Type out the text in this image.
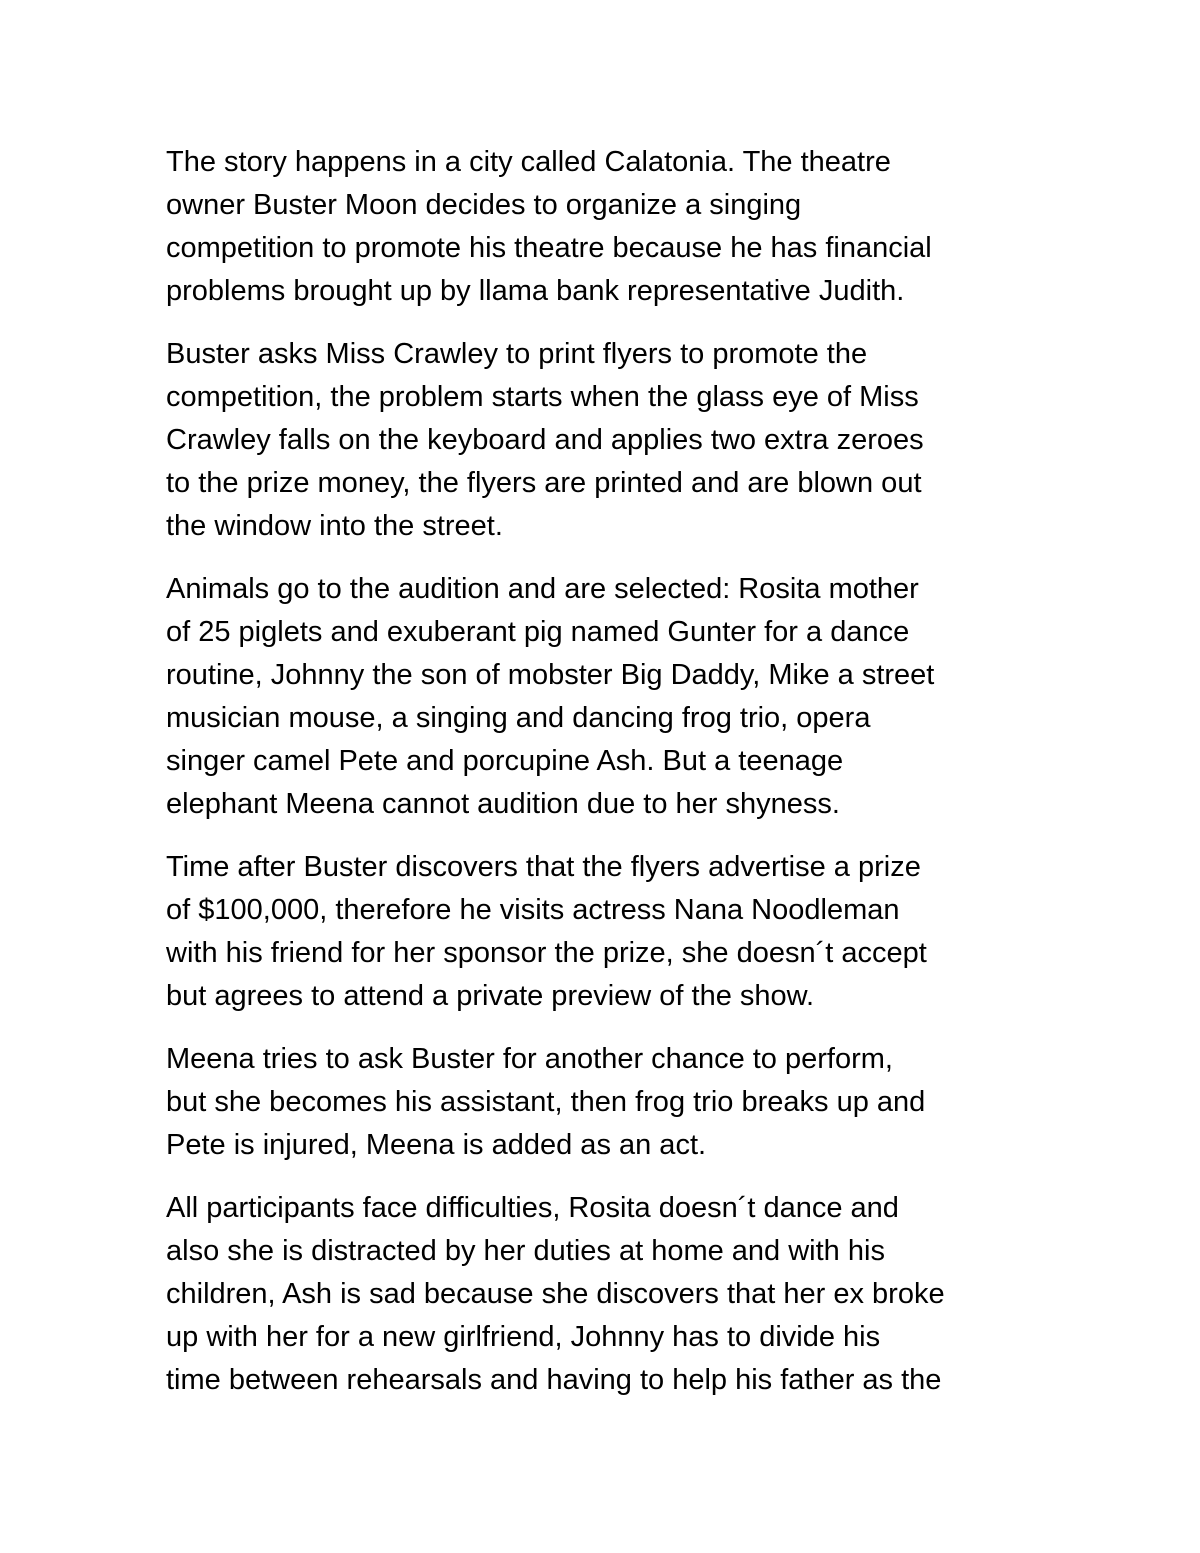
The story happens in a city called Calatonia. The theatre
owner Buster Moon decides to organize a singing
competition to promote his theatre because he has financial
problems brought up by llama bank representative Judith.

Buster asks Miss Crawley to print flyers to promote the
competition, the problem starts when the glass eye of Miss
Crawley falls on the keyboard and applies two extra zeroes
to the prize money, the flyers are printed and are blown out
the window into the street.

Animals go to the audition and are selected: Rosita mother
of 25 piglets and exuberant pig named Gunter for a dance
routine, Johnny the son of mobster Big Daddy, Mike a street
musician mouse, a singing and dancing frog trio, opera
singer camel Pete and porcupine Ash. But a teenage
elephant Meena cannot audition due to her shyness.

Time after Buster discovers that the flyers advertise a prize
of $100,000, therefore he visits actress Nana Noodleman
with his friend for her sponsor the prize, she doesn´t accept
but agrees to attend a private preview of the show.

Meena tries to ask Buster for another chance to perform,
but she becomes his assistant, then frog trio breaks up and
Pete is injured, Meena is added as an act.

All participants face difficulties, Rosita doesn´t dance and
also she is distracted by her duties at home and with his
children, Ash is sad because she discovers that her ex broke
up with her for a new girlfriend, Johnny has to divide his
time between rehearsals and having to help his father as the
